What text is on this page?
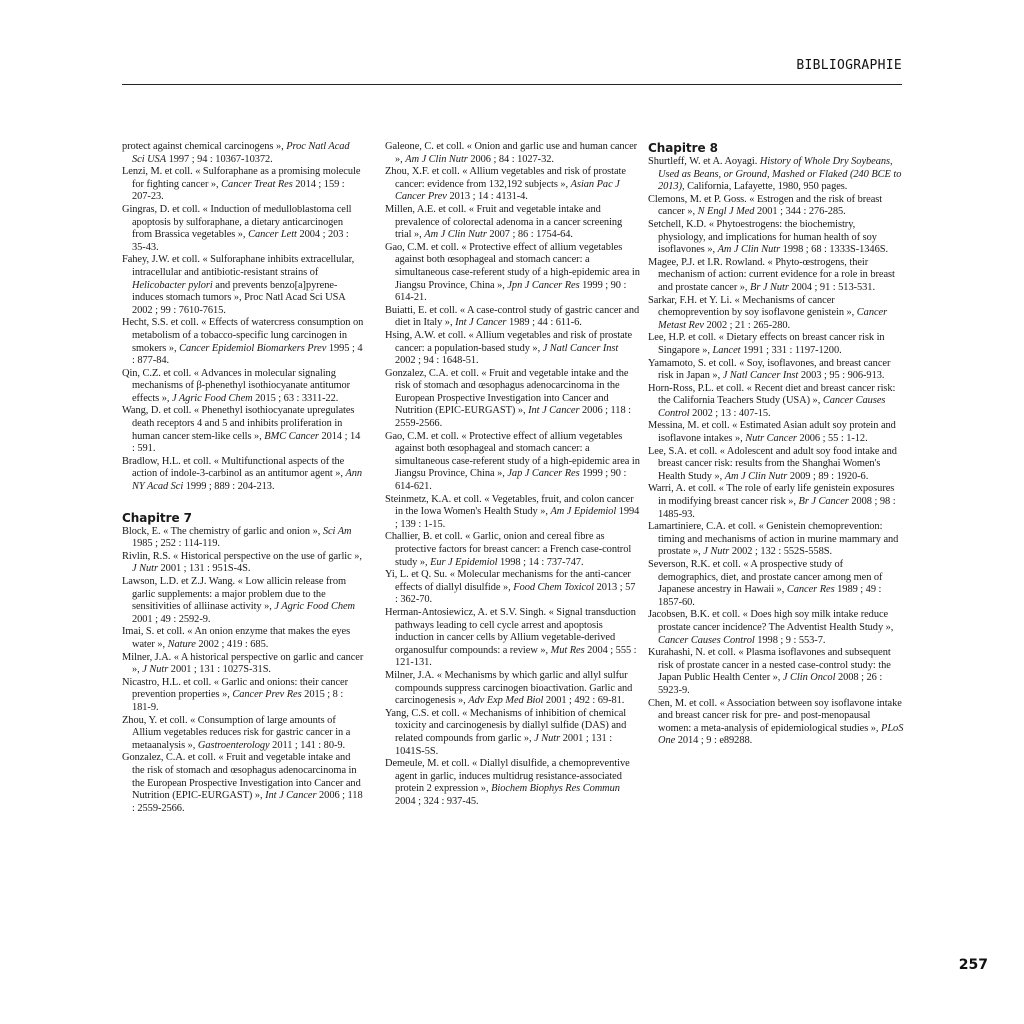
BIBLIOGRAPHIE

protect against chemical carcinogens », Proc Natl Acad Sci USA 1997 ; 94 : 10367-10372.

Lenzi, M. et coll. « Sulforaphane as a promising molecule for fighting cancer », Cancer Treat Res 2014 ; 159 : 207-23.

Gingras, D. et coll. « Induction of medulloblastoma cell apoptosis by sulforaphane, a dietary anticarcinogen from Brassica vegetables », Cancer Lett 2004 ; 203 : 35-43.

Fahey, J.W. et coll. « Sulforaphane inhibits extracellular, intracellular and antibiotic-resistant strains of Helicobacter pylori and prevents benzo[a]pyrene-induces stomach tumors », Proc Natl Acad Sci USA 2002 ; 99 : 7610-7615.

Hecht, S.S. et coll. « Effects of watercress consumption on metabolism of a tobacco-specific lung carcinogen in smokers », Cancer Epidemiol Biomarkers Prev 1995 ; 4 : 877-84.

Qin, C.Z. et coll. « Advances in molecular signaling mechanisms of β-phenethyl isothiocyanate antitumor effects », J Agric Food Chem 2015 ; 63 : 3311-22.

Wang, D. et coll. « Phenethyl isothiocyanate upregulates death receptors 4 and 5 and inhibits proliferation in human cancer stem-like cells », BMC Cancer 2014 ; 14 : 591.

Bradlow, H.L. et coll. « Multifunctional aspects of the action of indole-3-carbinol as an antitumor agent », Ann NY Acad Sci 1999 ; 889 : 204-213.

Chapitre 7

Block, E. « The chemistry of garlic and onion », Sci Am 1985 ; 252 : 114-119.

Rivlin, R.S. « Historical perspective on the use of garlic », J Nutr 2001 ; 131 : 951S-4S.

Lawson, L.D. et Z.J. Wang. « Low allicin release from garlic supplements: a major problem due to the sensitivities of alliinase activity », J Agric Food Chem 2001 ; 49 : 2592-9.

Imai, S. et coll. « An onion enzyme that makes the eyes water », Nature 2002 ; 419 : 685.

Milner, J.A. « A historical perspective on garlic and cancer », J Nutr 2001 ; 131 : 1027S-31S.

Nicastro, H.L. et coll. « Garlic and onions: their cancer prevention properties », Cancer Prev Res 2015 ; 8 : 181-9.

Zhou, Y. et coll. « Consumption of large amounts of Allium vegetables reduces risk for gastric cancer in a metaanalysis », Gastroenterology 2011 ; 141 : 80-9.

Gonzalez, C.A. et coll. « Fruit and vegetable intake and the risk of stomach and œsophagus adenocarcinoma in the European Prospective Investigation into Cancer and Nutrition (EPIC-EURGAST) », Int J Cancer 2006 ; 118 : 2559-2566.

Galeone, C. et coll. « Onion and garlic use and human cancer », Am J Clin Nutr 2006 ; 84 : 1027-32.

Zhou, X.F. et coll. « Allium vegetables and risk of prostate cancer: evidence from 132,192 subjects », Asian Pac J Cancer Prev 2013 ; 14 : 4131-4.

Millen, A.E. et coll. « Fruit and vegetable intake and prevalence of colorectal adenoma in a cancer screening trial », Am J Clin Nutr 2007 ; 86 : 1754-64.

Gao, C.M. et coll. « Protective effect of allium vegetables against both œsophageal and stomach cancer: a simultaneous case-referent study of a high-epidemic area in Jiangsu Province, China », Jpn J Cancer Res 1999 ; 90 : 614-21.

Buiatti, E. et coll. « A case-control study of gastric cancer and diet in Italy », Int J Cancer 1989 ; 44 : 611-6.

Hsing, A.W. et coll. « Allium vegetables and risk of prostate cancer: a population-based study », J Natl Cancer Inst 2002 ; 94 : 1648-51.

Gonzalez, C.A. et coll. « Fruit and vegetable intake and the risk of stomach and œsophagus adenocarcinoma in the European Prospective Investigation into Cancer and Nutrition (EPIC-EURGAST) », Int J Cancer 2006 ; 118 : 2559-2566.

Gao, C.M. et coll. « Protective effect of allium vegetables against both œsophageal and stomach cancer: a simultaneous case-referent study of a high-epidemic area in Jiangsu Province, China », Jap J Cancer Res 1999 ; 90 : 614-621.

Steinmetz, K.A. et coll. « Vegetables, fruit, and colon cancer in the Iowa Women's Health Study », Am J Epidemiol 1994 ; 139 : 1-15.

Challier, B. et coll. « Garlic, onion and cereal fibre as protective factors for breast cancer: a French case-control study », Eur J Epidemiol 1998 ; 14 : 737-747.

Yi, L. et Q. Su. « Molecular mechanisms for the anti-cancer effects of diallyl disulfide », Food Chem Toxicol 2013 ; 57 : 362-70.

Herman-Antosiewicz, A. et S.V. Singh. « Signal transduction pathways leading to cell cycle arrest and apoptosis induction in cancer cells by Allium vegetable-derived organosulfur compounds: a review », Mut Res 2004 ; 555 : 121-131.

Milner, J.A. « Mechanisms by which garlic and allyl sulfur compounds suppress carcinogen bioactivation. Garlic and carcinogenesis », Adv Exp Med Biol 2001 ; 492 : 69-81.

Yang, C.S. et coll. « Mechanisms of inhibition of chemical toxicity and carcinogenesis by diallyl sulfide (DAS) and related compounds from garlic », J Nutr 2001 ; 131 : 1041S-5S.

Demeule, M. et coll. « Diallyl disulfide, a chemopreventive agent in garlic, induces multidrug resistance-associated protein 2 expression », Biochem Biophys Res Commun 2004 ; 324 : 937-45.

Chapitre 8

Shurtleff, W. et A. Aoyagi. History of Whole Dry Soybeans, Used as Beans, or Ground, Mashed or Flaked (240 BCE to 2013), California, Lafayette, 1980, 950 pages.

Clemons, M. et P. Goss. « Estrogen and the risk of breast cancer », N Engl J Med 2001 ; 344 : 276-285.

Setchell, K.D. « Phytoestrogens: the biochemistry, physiology, and implications for human health of soy isoflavones », Am J Clin Nutr 1998 ; 68 : 1333S-1346S.

Magee, P.J. et I.R. Rowland. « Phyto-œstrogens, their mechanism of action: current evidence for a role in breast and prostate cancer », Br J Nutr 2004 ; 91 : 513-531.

Sarkar, F.H. et Y. Li. « Mechanisms of cancer chemoprevention by soy isoflavone genistein », Cancer Metast Rev 2002 ; 21 : 265-280.

Lee, H.P. et coll. « Dietary effects on breast cancer risk in Singapore », Lancet 1991 ; 331 : 1197-1200.

Yamamoto, S. et coll. « Soy, isoflavones, and breast cancer risk in Japan », J Natl Cancer Inst 2003 ; 95 : 906-913.

Horn-Ross, P.L. et coll. « Recent diet and breast cancer risk: the California Teachers Study (USA) », Cancer Causes Control 2002 ; 13 : 407-15.

Messina, M. et coll. « Estimated Asian adult soy protein and isoflavone intakes », Nutr Cancer 2006 ; 55 : 1-12.

Lee, S.A. et coll. « Adolescent and adult soy food intake and breast cancer risk: results from the Shanghai Women's Health Study », Am J Clin Nutr 2009 ; 89 : 1920-6.

Warri, A. et coll. « The role of early life genistein exposures in modifying breast cancer risk », Br J Cancer 2008 ; 98 : 1485-93.

Lamartiniere, C.A. et coll. « Genistein chemoprevention: timing and mechanisms of action in murine mammary and prostate », J Nutr 2002 ; 132 : 552S-558S.

Severson, R.K. et coll. « A prospective study of demographics, diet, and prostate cancer among men of Japanese ancestry in Hawaii », Cancer Res 1989 ; 49 : 1857-60.

Jacobsen, B.K. et coll. « Does high soy milk intake reduce prostate cancer incidence? The Adventist Health Study », Cancer Causes Control 1998 ; 9 : 553-7.

Kurahashi, N. et coll. « Plasma isoflavones and subsequent risk of prostate cancer in a nested case-control study: the Japan Public Health Center », J Clin Oncol 2008 ; 26 : 5923-9.

Chen, M. et coll. « Association between soy isoflavone intake and breast cancer risk for pre- and post-menopausal women: a meta-analysis of epidemiological studies », PLoS One 2014 ; 9 : e89288.

257
